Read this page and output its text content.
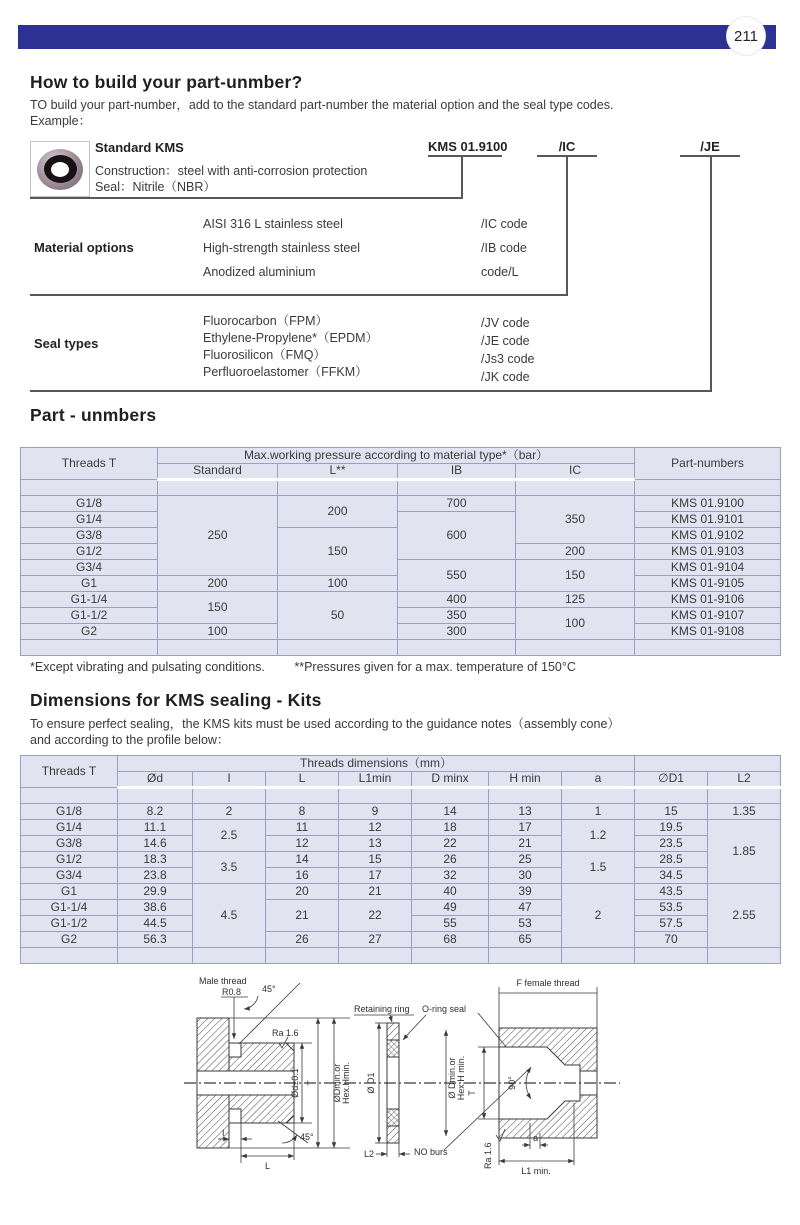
211
How to build your part-unmber?

TO build your part-number，add to the standard part-number the material option and the seal type codes.

Example：

Standard KMS
Construction：steel with anti-corrosion protection
Seal：Nitrile（NBR）
KMS 01.9100	/IC	/JE
Material options
AISI 316 L stainless steel	/IC code
High-strength stainless steel	/IB code
Anodized aluminium	code/L
Seal types
Fluorocarbon（FPM）	/JV code
Ethylene-Propylene*（EPDM）	/JE code
Fluorosilicon（FMQ）	/Js3 code
Perfluoroelastomer（FFKM）	/JK code
Part - unmbers
Threads T	Max.working pressure according to material type*（bar）				Part-numbers
	Standard	L**	IB	IC	

G1/8	250	200	700	350	KMS 01.9100
G1/4			600		KMS 01.9101
G3/8		150			KMS 01.9102
G1/2				200	KMS 01.9103
G3/4			550	150	KMS 01-9104
G1	200	100			KMS 01-9105
G1-1/4	150	50	400	125	KMS 01-9106
G1-1/2			350	100	KMS 01-9107
G2	100		300		KMS 01-9108

*Except vibrating and pulsating conditions. **Pressures given for a max. temperature of 150°C

Dimensions for KMS sealing - Kits

To ensure perfect sealing，the KMS kits must be used according to the guidance notes（assembly cone）

and according to the profile below：

Threads T	Threads dimensions（mm）								
	Ød	I	L	L1min	D minx	H min	a	∅D1	L2

G1/8	8.2	2	8	9	14	13	1	15	1.35
G1/4	11.1	2.5	11	12	18	17	1.2	19.5	1.85
G3/8	14.6		12	13	22	21		23.5	
G1/2	18.3	3.5	14	15	26	25	1.5	28.5	
G3/4	23.8		16	17	32	30		34.5	
G1	29.9	4.5	20	21	40	39	2	43.5	2.55
G1-1/4	38.6		21	22	49	47		53.5	
G1-1/2	44.5				55	53		57.5	
G2	56.3		26	27	68	65		70	

Male thread
R0.8 45°
Ra 1.6
Ød±0.1 T ØDmin.or Hex.Hmin.
I
L
45°
Retaining ring O-ring seal
Ø D1
L2
F female thread
90°
Ø Dmin.or Hex.H min. T
NO burs	Ra 1.6
a
L1 min.
